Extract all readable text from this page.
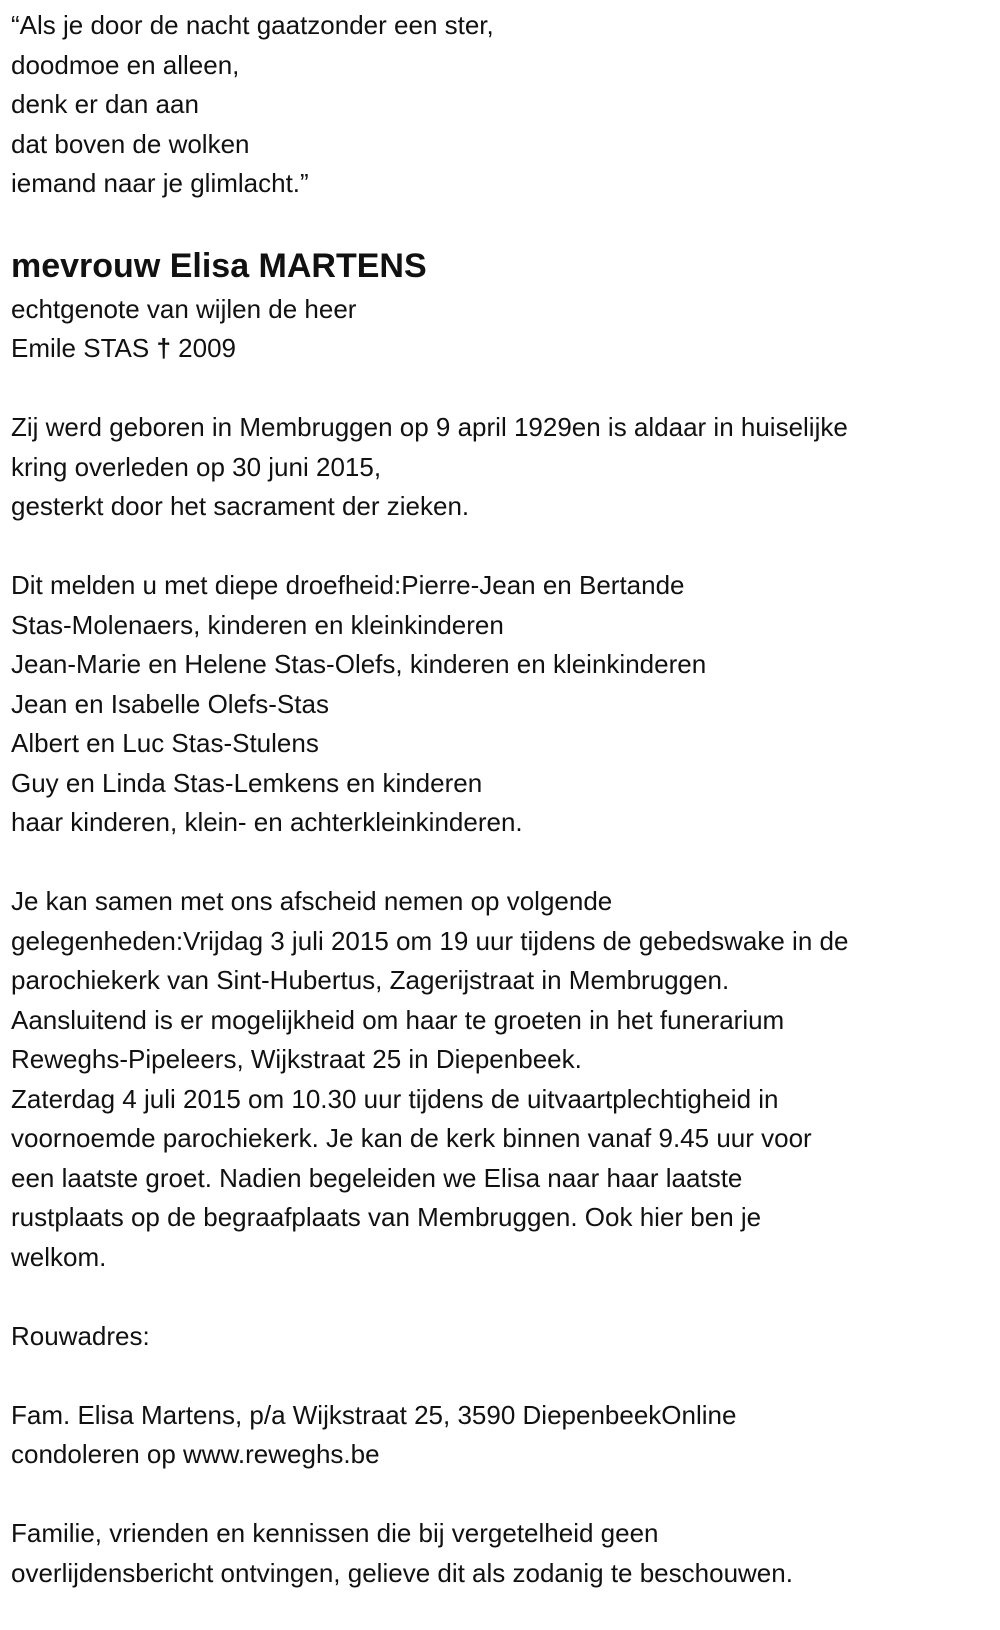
“Als je door de nacht gaatzonder een ster,
doodmoe en alleen,
denk er dan aan
dat boven de wolken
iemand naar je glimlacht.”
mevrouw Elisa MARTENS
echtgenote van wijlen de heer
Emile STAS † 2009
Zij werd geboren in Membruggen op 9 april 1929en is aldaar in huiselijke
kring overleden op 30 juni 2015,
gesterkt door het sacrament der zieken.
Dit melden u met diepe droefheid:Pierre-Jean en Bertande
Stas-Molenaers, kinderen en kleinkinderen
Jean-Marie en Helene Stas-Olefs, kinderen en kleinkinderen
Jean en Isabelle Olefs-Stas
Albert en Luc Stas-Stulens
Guy en Linda Stas-Lemkens en kinderen
haar kinderen, klein- en achterkleinkinderen.
Je kan samen met ons afscheid nemen op volgende
gelegenheden:Vrijdag 3 juli 2015 om 19 uur tijdens de gebedswake in de
parochiekerk van Sint-Hubertus, Zagerijstraat in Membruggen.
Aansluitend is er mogelijkheid om haar te groeten in het funerarium
Reweghs-Pipeleers, Wijkstraat 25 in Diepenbeek.
Zaterdag 4 juli 2015 om 10.30 uur tijdens de uitvaartplechtigheid in
voornoemde parochiekerk. Je kan de kerk binnen vanaf 9.45 uur voor
een laatste groet. Nadien begeleiden we Elisa naar haar laatste
rustplaats op de begraafplaats van Membruggen. Ook hier ben je
welkom.
Rouwadres:
Fam. Elisa Martens, p/a Wijkstraat 25, 3590 DiepenbeekOnline
condoleren op www.reweghs.be
Familie, vrienden en kennissen die bij vergetelheid geen
overlijdensbericht ontvingen, gelieve dit als zodanig te beschouwen.
